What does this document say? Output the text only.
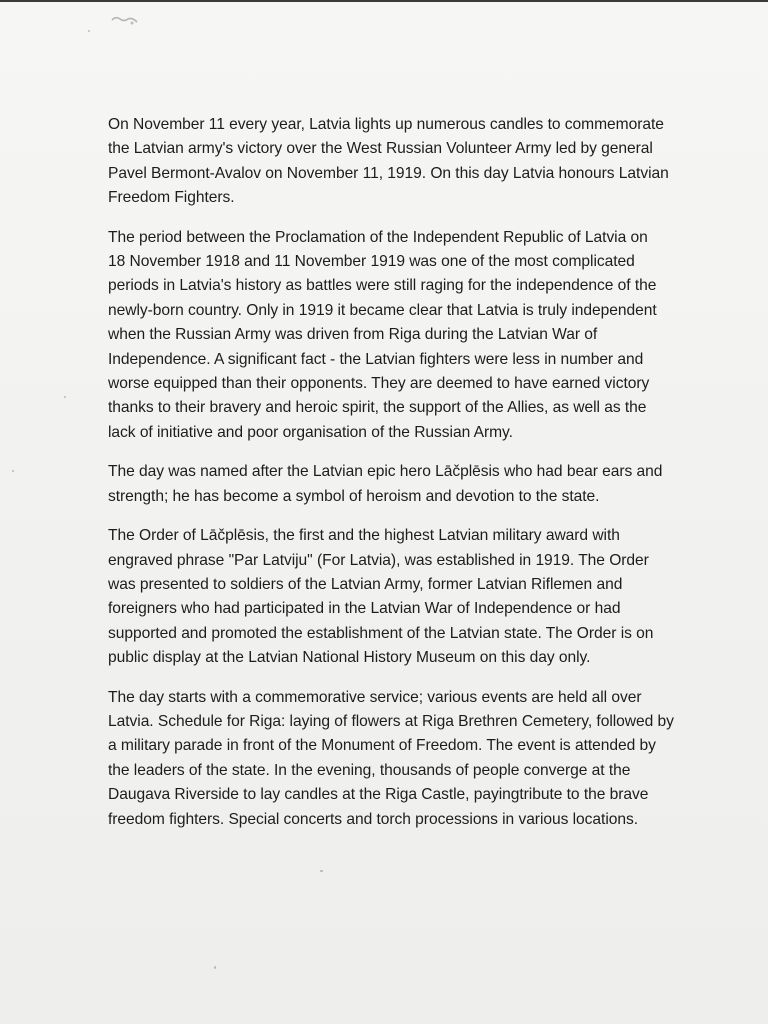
On November 11 every year, Latvia lights up numerous candles to commemorate
the Latvian army's victory over the West Russian Volunteer Army led by general
Pavel Bermont-Avalov on November 11, 1919. On this day Latvia honours Latvian
Freedom Fighters.

The period between the Proclamation of the Independent Republic of Latvia on
18 November 1918 and 11 November 1919 was one of the most complicated
periods in Latvia's history as battles were still raging for the independence of the
newly-born country. Only in 1919 it became clear that Latvia is truly independent
when the Russian Army was driven from Riga during the Latvian War of
Independence. A significant fact - the Latvian fighters were less in number and
worse equipped than their opponents. They are deemed to have earned victory
thanks to their bravery and heroic spirit, the support of the Allies, as well as the
lack of initiative and poor organisation of the Russian Army.

The day was named after the Latvian epic hero Lāčplēsis who had bear ears and
strength; he has become a symbol of heroism and devotion to the state.

The Order of Lāčplēsis, the first and the highest Latvian military award with
engraved phrase "Par Latviju" (For Latvia), was established in 1919. The Order
was presented to soldiers of the Latvian Army, former Latvian Riflemen and
foreigners who had participated in the Latvian War of Independence or had
supported and promoted the establishment of the Latvian state. The Order is on
public display at the Latvian National History Museum on this day only.

The day starts with a commemorative service; various events are held all over
Latvia. Schedule for Riga: laying of flowers at Riga Brethren Cemetery, followed by
a military parade in front of the Monument of Freedom. The event is attended by
the leaders of the state. In the evening, thousands of people converge at the
Daugava Riverside to lay candles at the Riga Castle, payingtribute to the brave
freedom fighters. Special concerts and torch processions in various locations.
